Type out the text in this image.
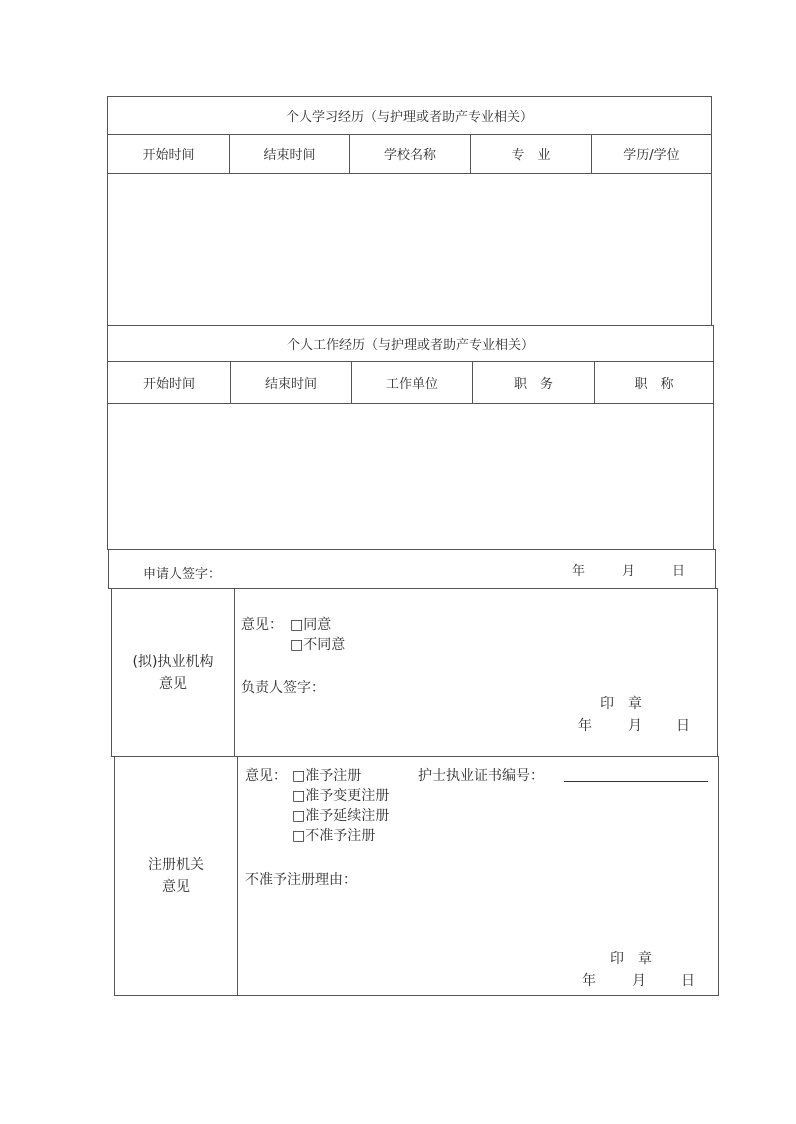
个人学习经历（与护理或者助产专业相关）
开始时间	结束时间	学校名称	专　业	学历/学位
个人工作经历（与护理或者助产专业相关）
开始时间	结束时间	工作单位	职　务	职　称
申请人签字：	年	月	日
(拟)执业机构
意见
意见： □同意
□不同意
负责人签字：
印　章
年	月 日
注册机关
意见
意见： □准予注册
□准予变更注册
□准予延续注册
□不准予注册
护士执业证书编号：
不准予注册理由：
印　章
年	月	日
